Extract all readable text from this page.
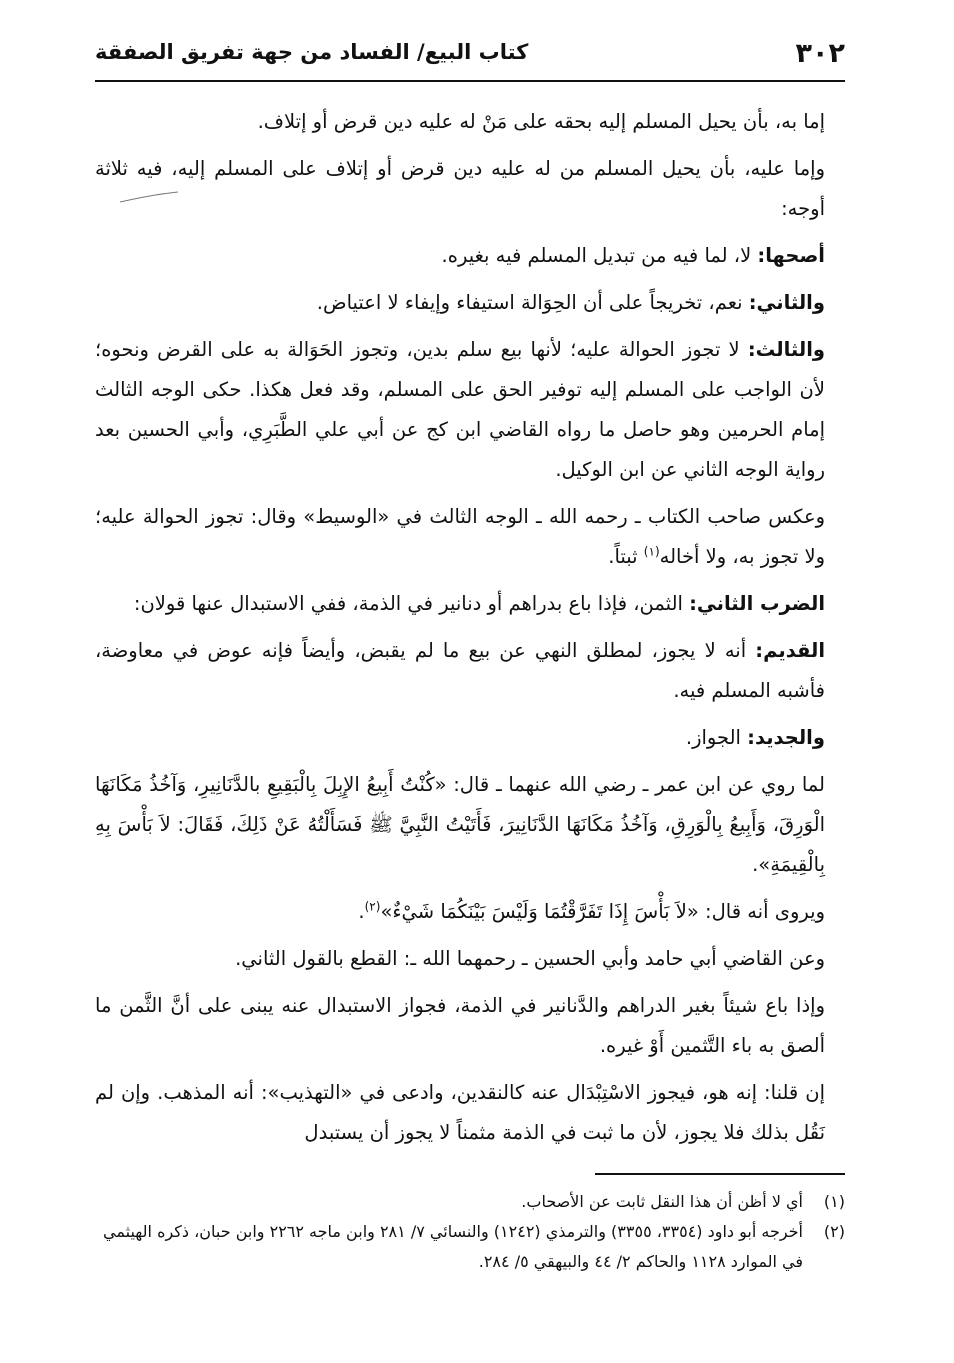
٣٠٢
كتاب البيع/ الفساد من جهة تفريق الصفقة

إما به، بأن يحيل المسلم إليه بحقه على مَنْ له عليه دين قرض أو إتلاف.

وإما عليه، بأن يحيل المسلم من له عليه دين قرض أو إتلاف على المسلم إليه، فيه ثلاثة أوجه:

أصحها: لا، لما فيه من تبديل المسلم فيه بغيره.

والثاني: نعم، تخريجاً على أن الحِوَالة استيفاء وإيفاء لا اعتياض.

والثالث: لا تجوز الحوالة عليه؛ لأنها بيع سلم بدين، وتجوز الحَوَالة به على القرض ونحوه؛ لأن الواجب على المسلم إليه توفير الحق على المسلم، وقد فعل هكذا. حكى الوجه الثالث إمام الحرمين وهو حاصل ما رواه القاضي ابن كج عن أبي علي الطَّبَرِي، وأبي الحسين بعد رواية الوجه الثاني عن ابن الوكيل.

وعكس صاحب الكتاب ـ رحمه الله ـ الوجه الثالث في «الوسيط» وقال: تجوز الحوالة عليه؛ ولا تجوز به، ولا أخاله$^{(١)}$ ثبتاً.

الضرب الثاني: الثمن، فإذا باع بدراهم أو دنانير في الذمة، ففي الاستبدال عنها قولان:

القديم: أنه لا يجوز، لمطلق النهي عن بيع ما لم يقبض، وأيضاً فإنه عوض في معاوضة، فأشبه المسلم فيه.

والجديد: الجواز.

لما روي عن ابن عمر ـ رضي الله عنهما ـ قال: «كُنْتُ أَبِيعُ الإِبِلَ بِالْبَقِيعِ بالدَّنَانِيرِ، وَآخُذُ مَكَانَهَا الْوَرِقَ، وَأَبِيعُ بِالْوَرِقِ، وَآخُذُ مَكَانَهَا الدَّنَانِيرَ، فَأَتَيْتُ النَّبِيَّ ﷺ فَسَأَلْتُهُ عَنْ ذَلِكَ، فَقَالَ: لاَ بَأْسَ بِهِ بِالْقِيمَةِ».

ويروى أنه قال: «لاَ بَأْسَ إِذَا تَفَرَّقْتُمَا وَلَيْسَ بَيْنَكُمَا شَيْءٌ»$^{(٢)}$.

وعن القاضي أبي حامد وأبي الحسين ـ رحمهما الله ـ: القطع بالقول الثاني.

وإذا باع شيئاً بغير الدراهم والدَّنانير في الذمة، فجواز الاستبدال عنه يبنى على أنَّ الثَّمن ما ألصق به باء التَّثمين أَوْ غيره.

إن قلنا: إنه هو، فيجوز الاسْتِبْدَال عنه كالنقدين، وادعى في «التهذيب»: أنه المذهب. وإن لم نَقُل بذلك فلا يجوز، لأن ما ثبت في الذمة مثمناً لا يجوز أن يستبدل

(١)
أي لا أظن أن هذا النقل ثابت عن الأصحاب.
(٢)
أخرجه أبو داود (٣٣٥٤، ٣٣٥٥) والترمذي (١٢٤٢) والنسائي ٧/ ٢٨١ وابن ماجه ٢٢٦٢ وابن حبان، ذكره الهيثمي في الموارد ١١٢٨ والحاكم ٢/ ٤٤ والبيهقي ٥/ ٢٨٤.
